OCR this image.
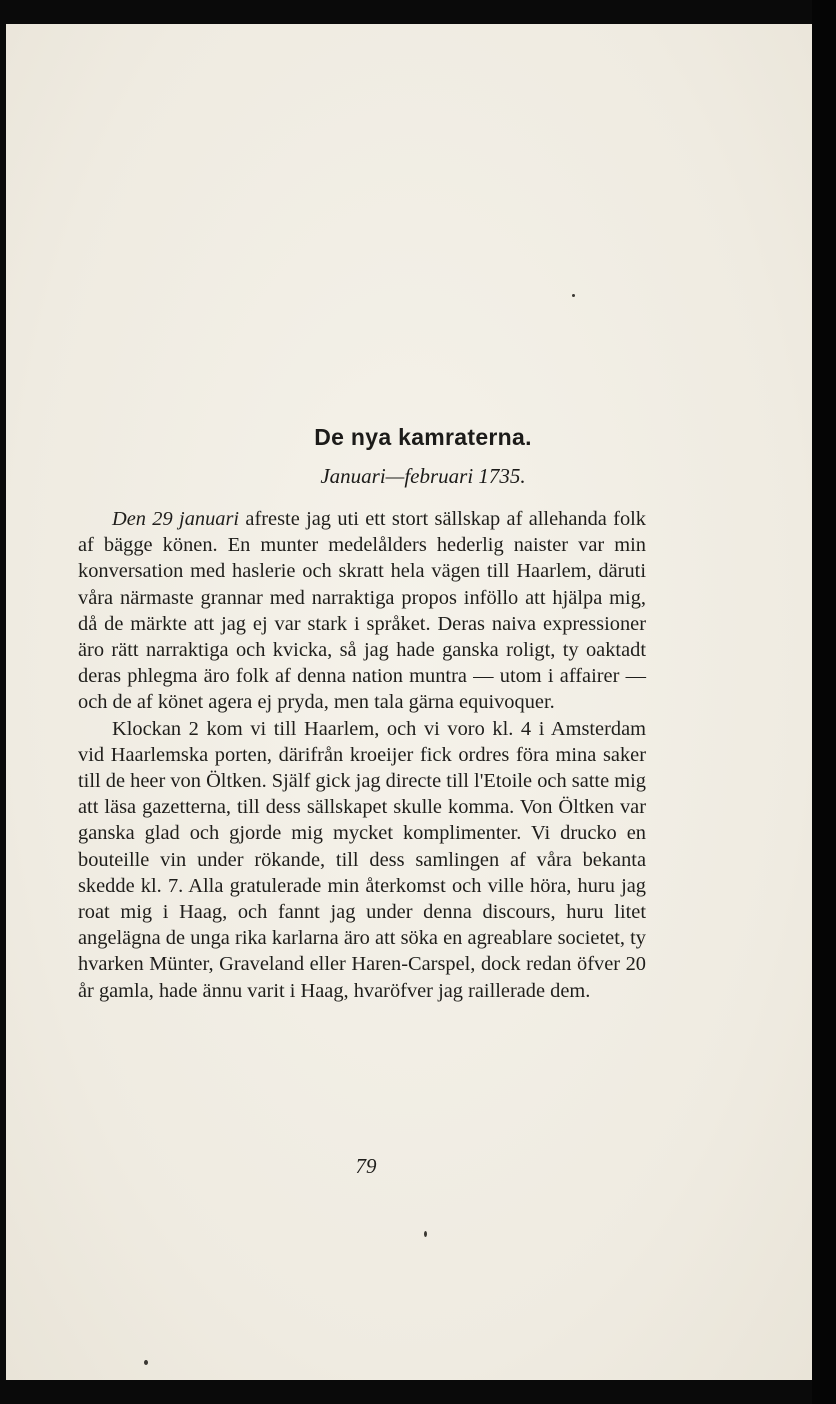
De nya kamraterna.
Januari—februari 1735.

Den 29 januari afreste jag uti ett stort sällskap af allehanda folk af bägge könen. En munter medelålders hederlig naister var min konversation med haslerie och skratt hela vägen till Haarlem, däruti våra närmaste grannar med narraktiga propos inföllo att hjälpa mig, då de märkte att jag ej var stark i språket. Deras naiva expressioner äro rätt narraktiga och kvicka, så jag hade ganska roligt, ty oaktadt deras phlegma äro folk af denna nation muntra — utom i affairer — och de af könet agera ej pryda, men tala gärna equivoquer.

Klockan 2 kom vi till Haarlem, och vi voro kl. 4 i Amsterdam vid Haarlemska porten, därifrån kroeijer fick ordres föra mina saker till de heer von Öltken. Själf gick jag directe till l'Etoile och satte mig att läsa gazetterna, till dess sällskapet skulle komma. Von Öltken var ganska glad och gjorde mig mycket komplimenter. Vi drucko en bouteille vin under rökande, till dess samlingen af våra bekanta skedde kl. 7. Alla gratulerade min återkomst och ville höra, huru jag roat mig i Haag, och fannt jag under denna discours, huru litet angelägna de unga rika karlarna äro att söka en agreablare societet, ty hvarken Münter, Graveland eller Haren-Carspel, dock redan öfver 20 år gamla, hade ännu varit i Haag, hvaröfver jag raillerade dem.

79
